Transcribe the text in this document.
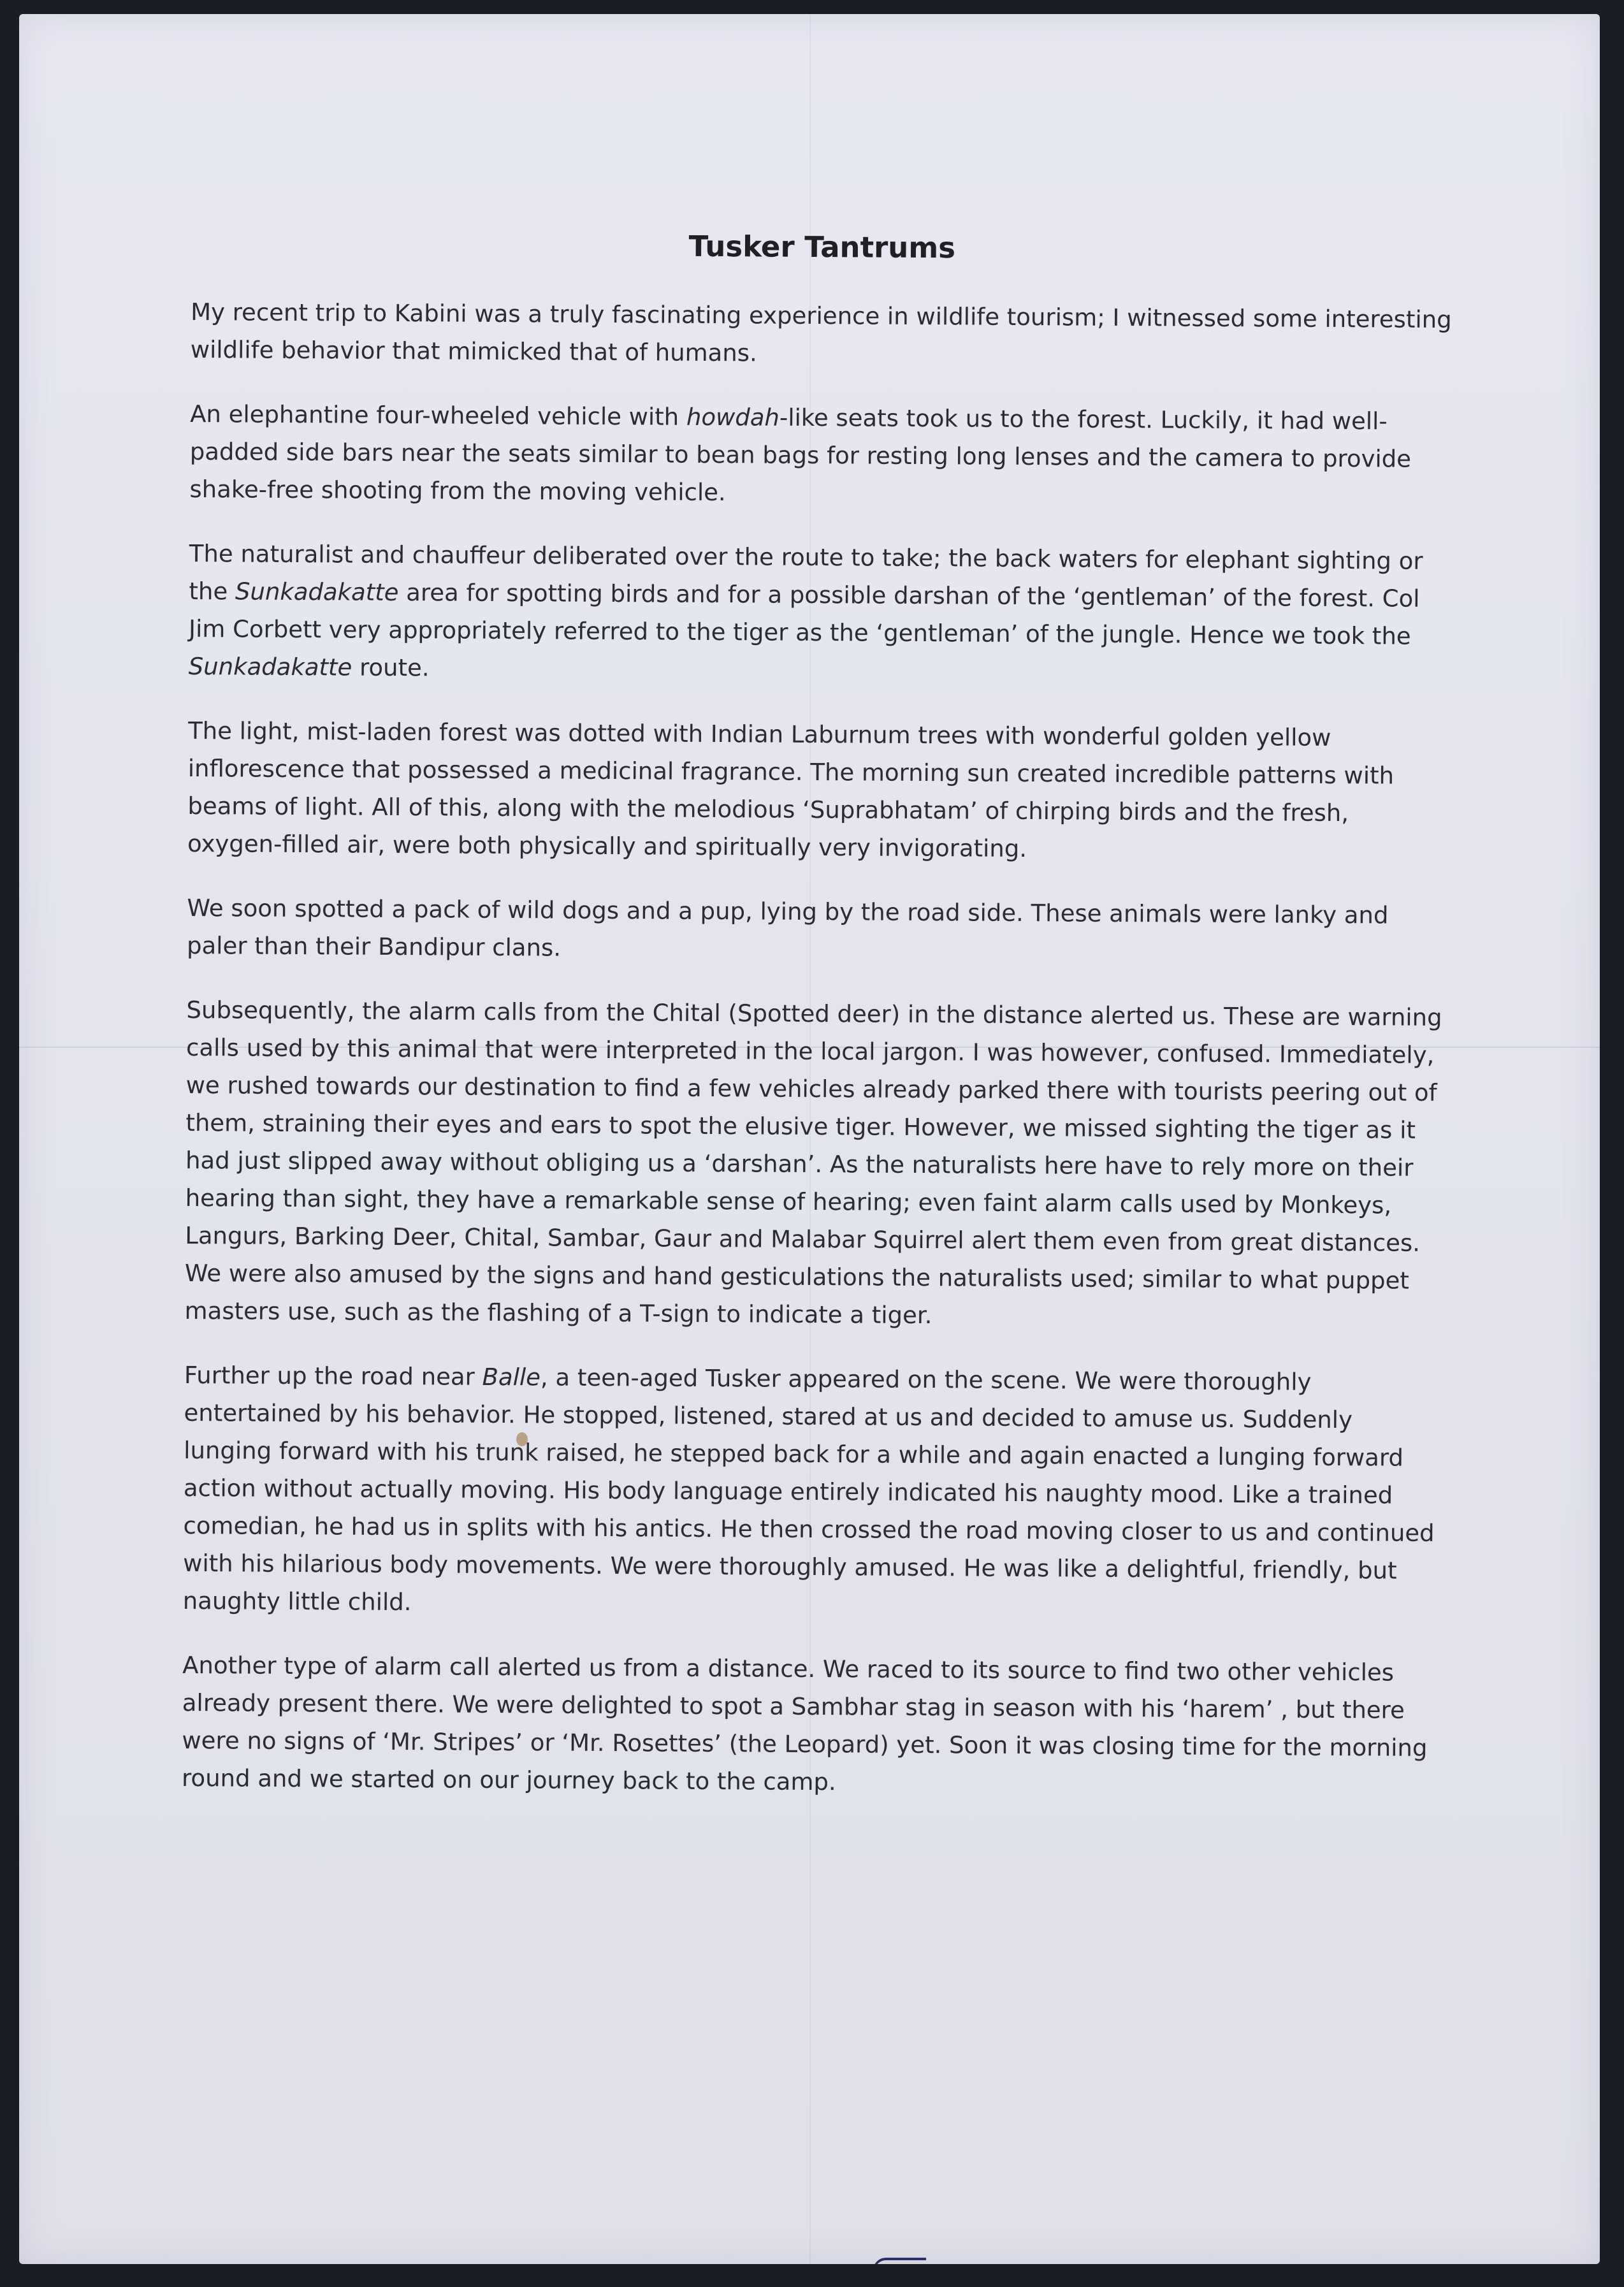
Tusker Tantrums

My recent trip to Kabini was a truly fascinating experience in wildlife tourism; I witnessed some interesting wildlife behavior that mimicked that of humans.

An elephantine four-wheeled vehicle with howdah-like seats took us to the forest. Luckily, it had well-padded side bars near the seats similar to bean bags for resting long lenses and the camera to provide shake-free shooting from the moving vehicle.

The naturalist and chauffeur deliberated over the route to take; the back waters for elephant sighting or the Sunkadakatte area for spotting birds and for a possible darshan of the ‘gentleman’ of the forest. Col Jim Corbett very appropriately referred to the tiger as the ‘gentleman’ of the jungle. Hence we took the Sunkadakatte route.

The light, mist-laden forest was dotted with Indian Laburnum trees with wonderful golden yellow inflorescence that possessed a medicinal fragrance. The morning sun created incredible patterns with beams of light. All of this, along with the melodious ‘Suprabhatam’ of chirping birds and the fresh, oxygen-filled air, were both physically and spiritually very invigorating.

We soon spotted a pack of wild dogs and a pup, lying by the road side. These animals were lanky and paler than their Bandipur clans.

Subsequently, the alarm calls from the Chital (Spotted deer) in the distance alerted us. These are warning calls used by this animal that were interpreted in the local jargon. I was however, confused. Immediately, we rushed towards our destination to find a few vehicles already parked there with tourists peering out of them, straining their eyes and ears to spot the elusive tiger. However, we missed sighting the tiger as it had just slipped away without obliging us a ‘darshan’. As the naturalists here have to rely more on their hearing than sight, they have a remarkable sense of hearing; even faint alarm calls used by Monkeys, Langurs, Barking Deer, Chital, Sambar, Gaur and Malabar Squirrel alert them even from great distances. We were also amused by the signs and hand gesticulations the naturalists used; similar to what puppet masters use, such as the flashing of a T-sign to indicate a tiger.

Further up the road near Balle, a teen-aged Tusker appeared on the scene. We were thoroughly entertained by his behavior. He stopped, listened, stared at us and decided to amuse us. Suddenly lunging forward with his trunk raised, he stepped back for a while and again enacted a lunging forward action without actually moving. His body language entirely indicated his naughty mood. Like a trained comedian, he had us in splits with his antics. He then crossed the road moving closer to us and continued with his hilarious body movements. We were thoroughly amused. He was like a delightful, friendly, but naughty little child.

Another type of alarm call alerted us from a distance. We raced to its source to find two other vehicles already present there. We were delighted to spot a Sambhar stag in season with his ‘harem’ , but there were no signs of ‘Mr. Stripes’ or ‘Mr. Rosettes’ (the Leopard) yet. Soon it was closing time for the morning round and we started on our journey back to the camp.
